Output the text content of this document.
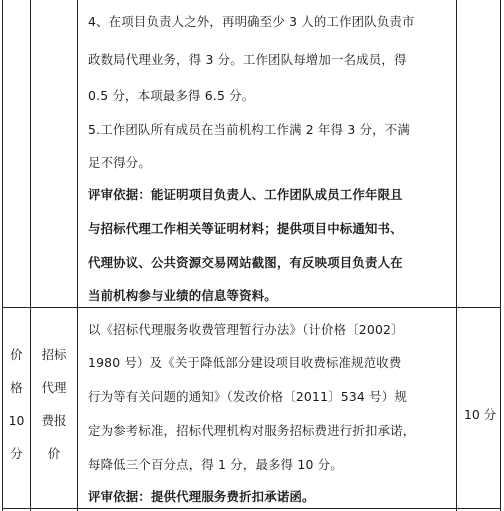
4、在项目负责人之外，再明确至少 3 人的工作团队负责市
政数局代理业务，得 3 分。工作团队每增加一名成员，得
0.5 分，本项最多得 6.5 分。
5.工作团队所有成员在当前机构工作满 2 年得 3 分，不满
足不得分。
评审依据：能证明项目负责人、工作团队成员工作年限且
与招标代理工作相关等证明材料；提供项目中标通知书、
代理协议、公共资源交易网站截图，有反映项目负责人在
当前机构参与业绩的信息等资料。
价
格
10
分
招标
代理
费报
价
以《招标代理服务收费管理暂行办法》（计价格〔2002〕
1980 号）及《关于降低部分建设项目收费标准规范收费
行为等有关问题的通知》（发改价格〔2011〕534 号）规
定为参考标准，招标代理机构对服务招标费进行折扣承诺，
每降低三个百分点，得 1 分，最多得 10 分。
评审依据：提供代理服务费折扣承诺函。
10 分
